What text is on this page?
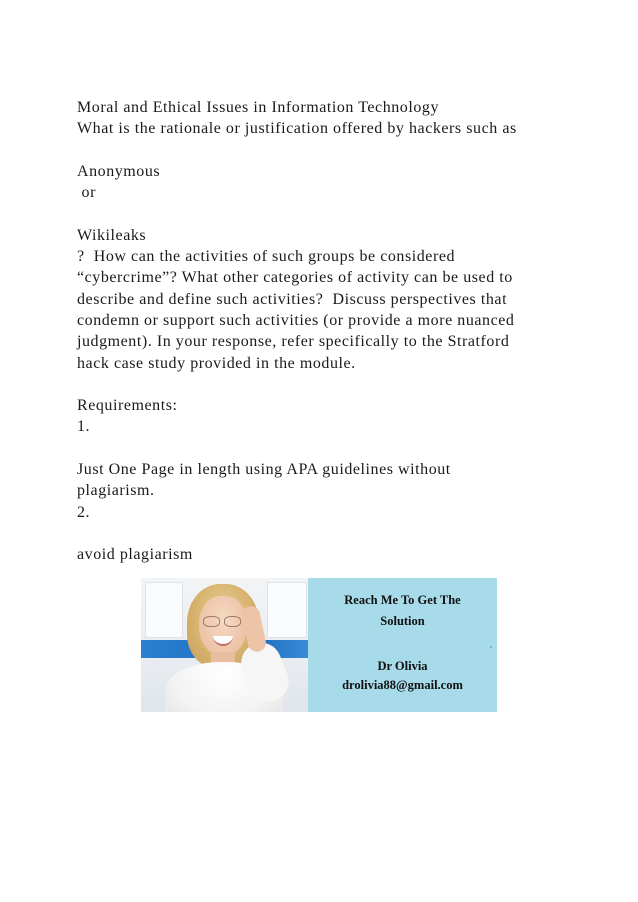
Moral and Ethical Issues in Information Technology
What is the rationale or justification offered by hackers such as
Anonymous
or
Wikileaks
?  How can the activities of such groups be considered
“cybercrime”? What other categories of activity can be used to
describe and define such activities?  Discuss perspectives that
condemn or support such activities (or provide a more nuanced
judgment). In your response, refer specifically to the Stratford
hack case study provided in the module.
Requirements:
1.
Just One Page in length using APA guidelines without
plagiarism.
2.
avoid plagiarism
Reach Me To Get The
Solution
Dr Olivia
drolivia88@gmail.com
